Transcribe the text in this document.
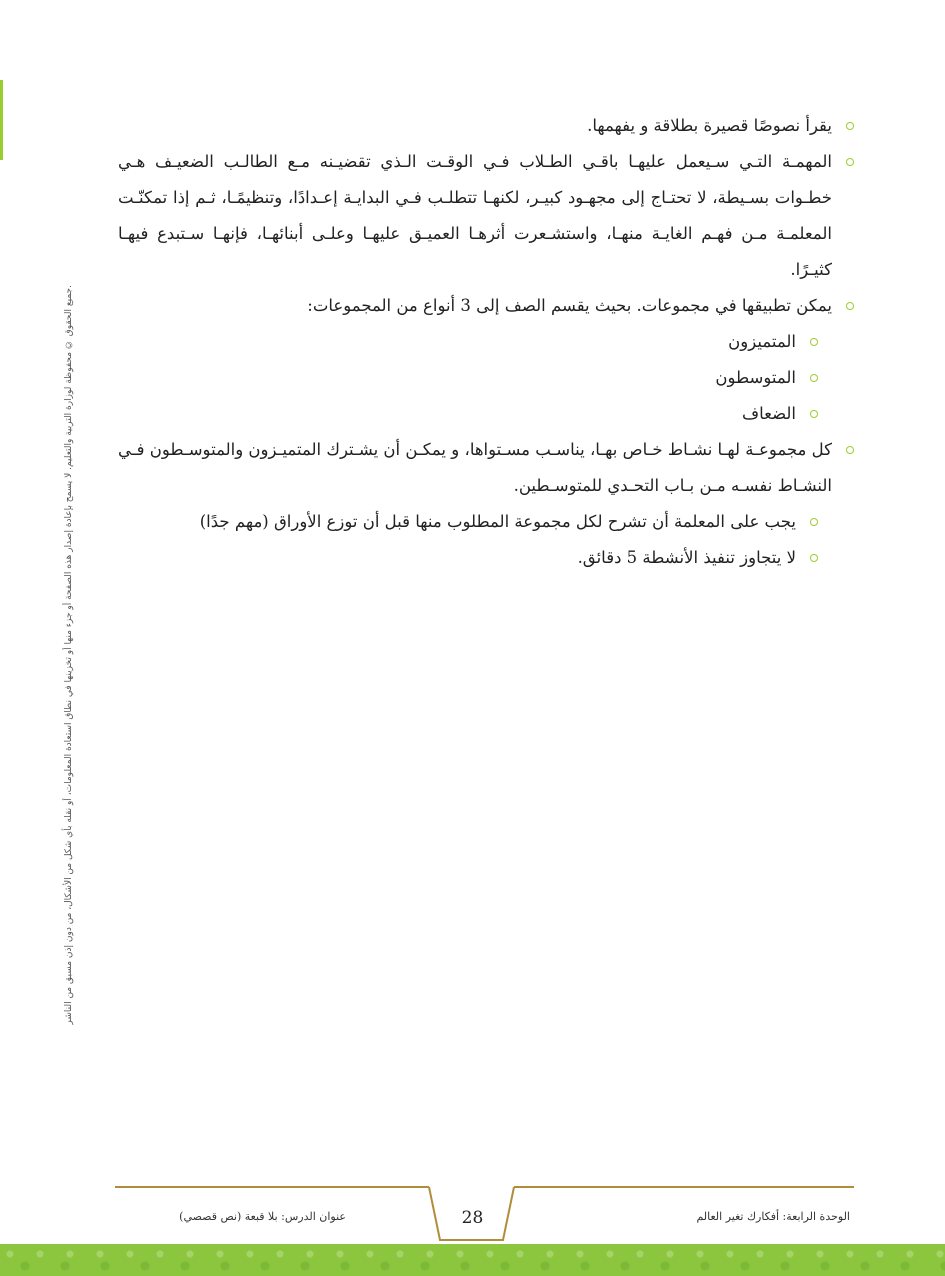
جميع الحقوق © محفوظة لوزارة التربية والتعليم. لا يسمح بإعادة إصدار هذه الصفحة أو جزء منها أو تخزينها في نطاق استعادة المعلومات، أو نقله بأي شكل من الأشكال، من دون إذن مسبق من الناشر.
يقرأ نصوصًا قصيرة بطلاقة و يفهمها.
المهمـة التـي سـيعمل عليهـا باقـي الطـلاب فـي الوقـت الـذي تقضيـنه مـع الطالـب الضعيـف هـي خطـوات بسـيطة، لا تحتـاج إلى مجهـود كبيـر، لكنهـا تتطلـب فـي البدايـة إعـدادًا، وتنظيمًـا، ثـم إذا تمكنّـت المعلمـة مـن فهـم الغايـة منهـا، واستشـعرت أثرهـا العميـق عليهـا وعلـى أبنائهـا، فإنهـا سـتبدع فيهـا كثيـرًا.
يمكن تطبيقها في مجموعات. بحيث يقسم الصف إلى 3 أنواع من المجموعات:
المتميزون
المتوسطون
الضعاف
كل مجموعـة لهـا نشـاط خـاص بهـا، يناسـب مسـتواها، و يمكـن أن يشـترك المتميـزون والمتوسـطون فـي النشـاط نفسـه مـن بـاب التحـدي للمتوسـطين.
يجب على المعلمة أن تشرح لكل مجموعة المطلوب منها قبل أن توزع الأوراق (مهم جدًا)
لا يتجاوز تنفيذ الأنشطة 5 دقائق.
28
عنوان الدرس: بلا قبعة (نص قصصي)	الوحدة الرابعة: أفكارك تغير العالم
